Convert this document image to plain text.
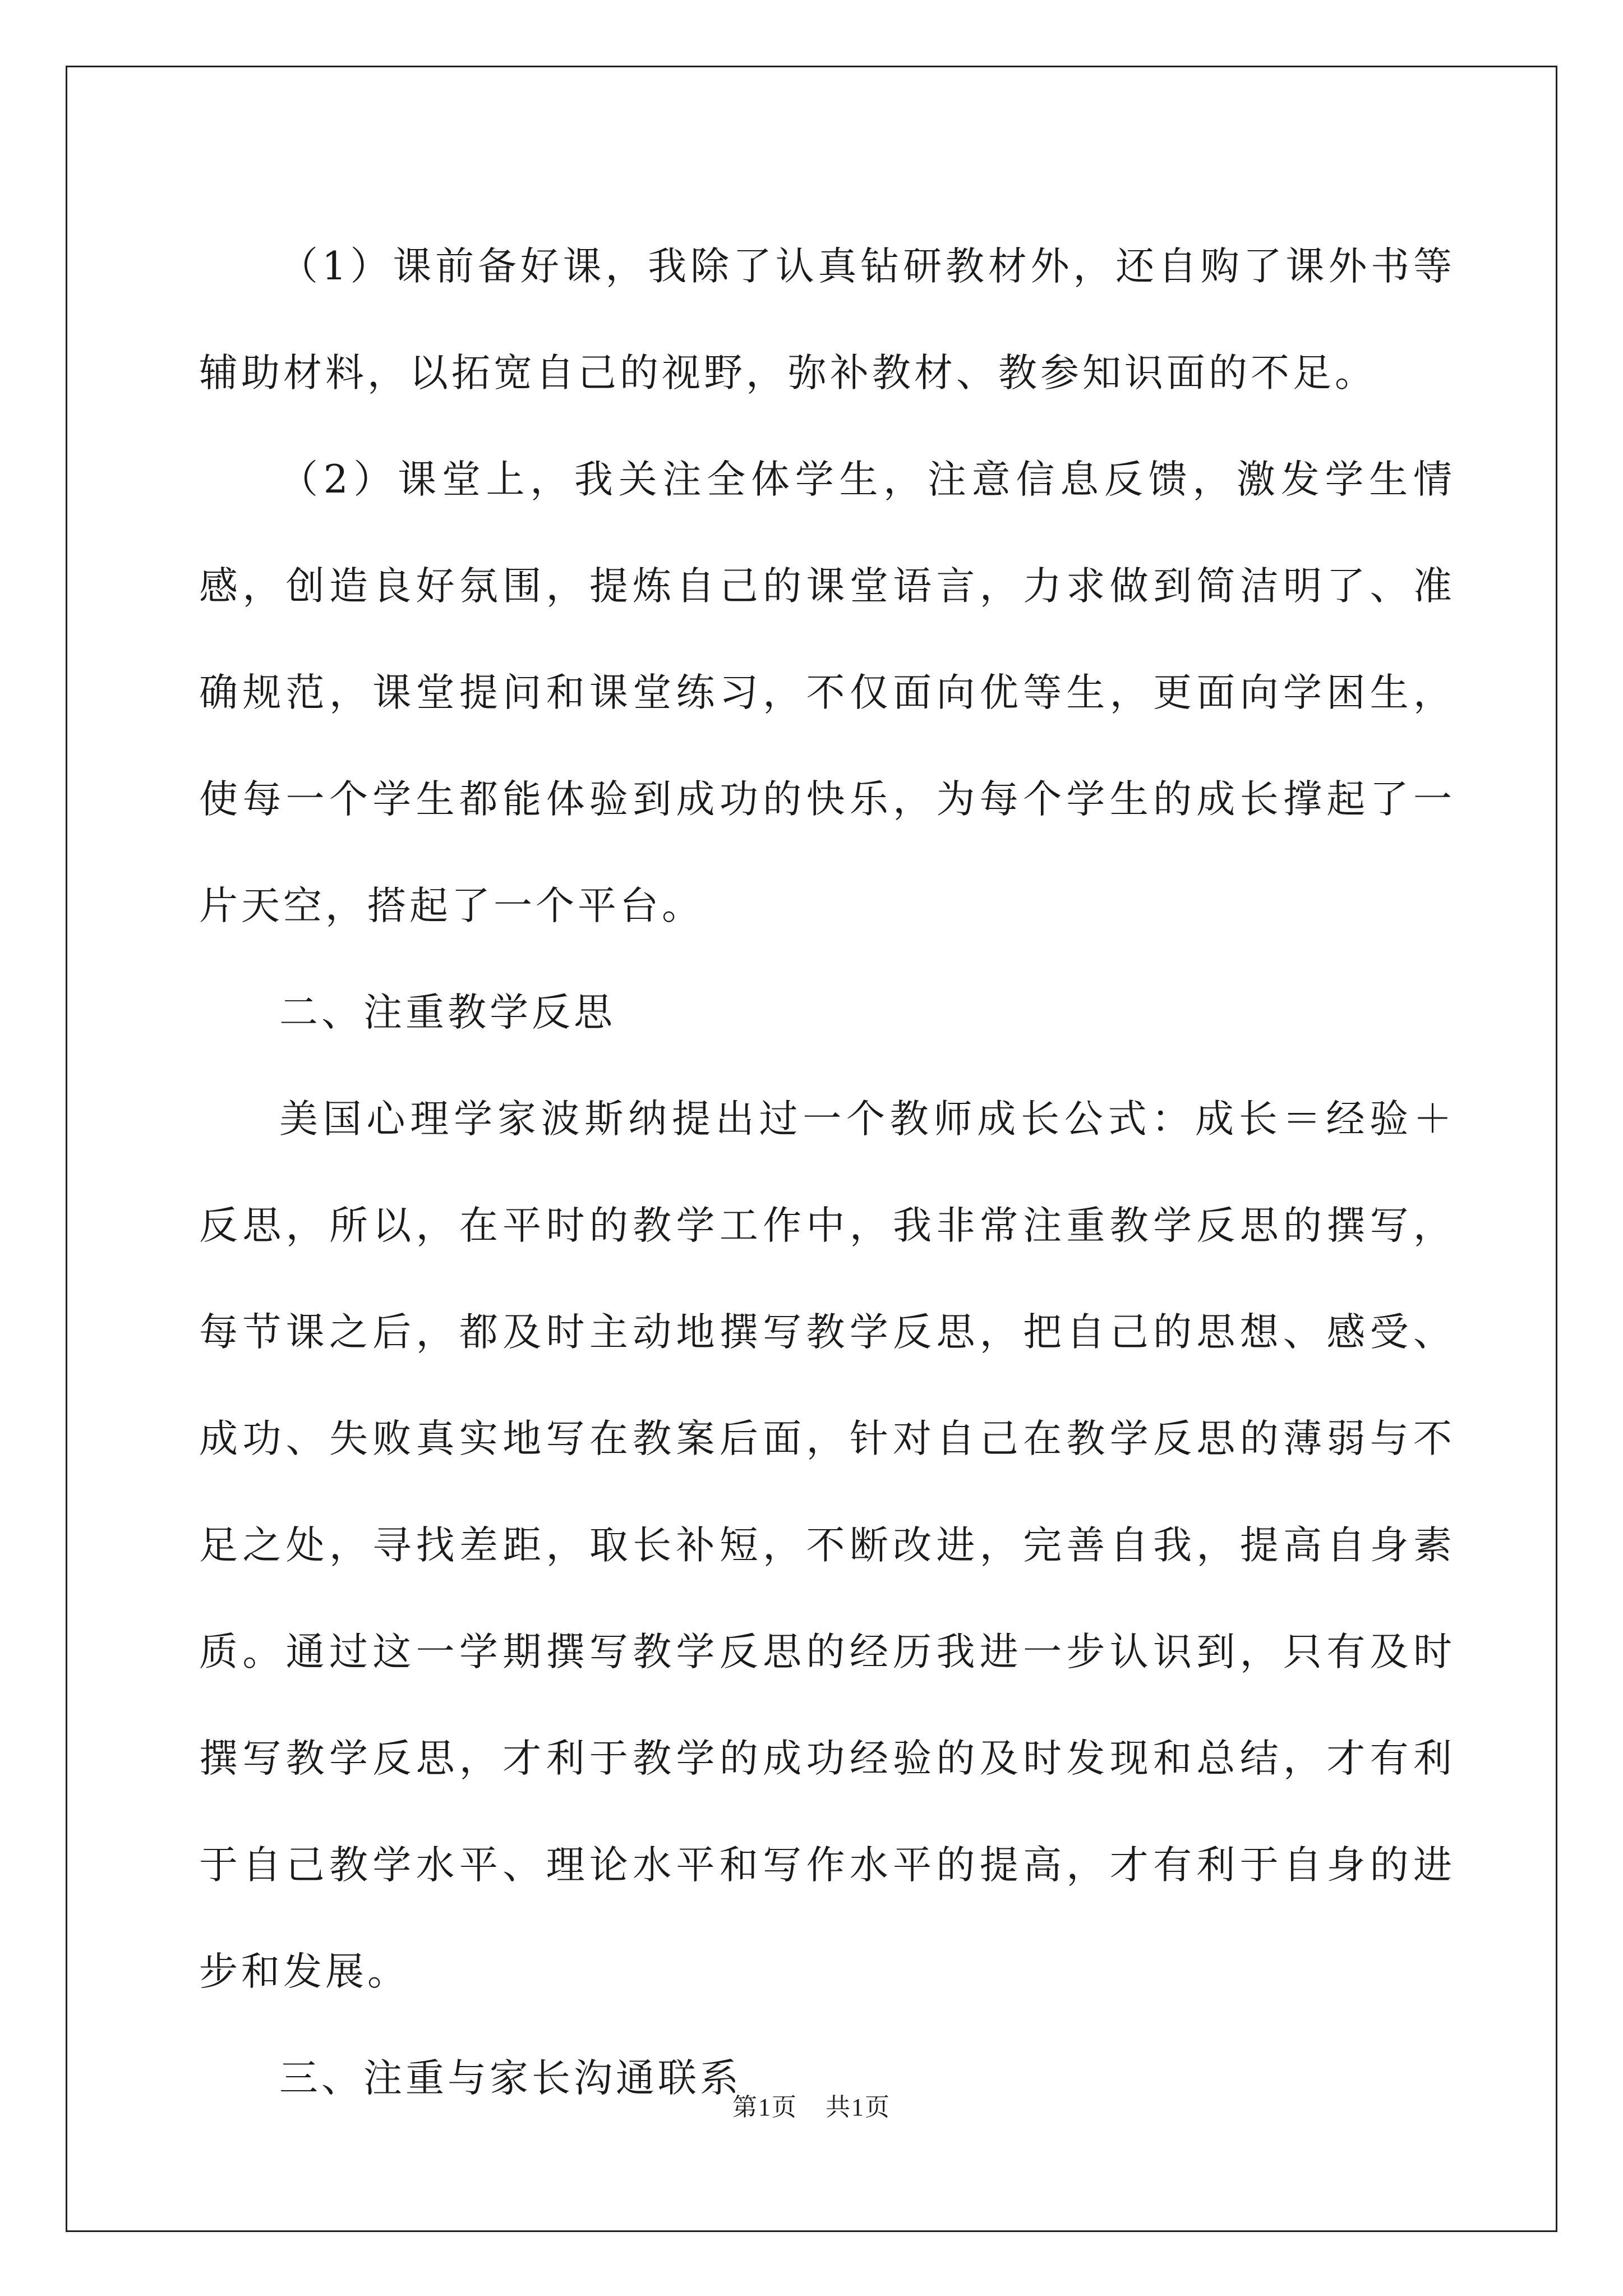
（1）课前备好课，我除了认真钻研教材外，还自购了课外书等辅助材料，以拓宽自己的视野，弥补教材、教参知识面的不足。

（2）课堂上，我关注全体学生，注意信息反馈，激发学生情感，创造良好氛围，提炼自己的课堂语言，力求做到简洁明了、准确规范，课堂提问和课堂练习，不仅面向优等生，更面向学困生，使每一个学生都能体验到成功的快乐，为每个学生的成长撑起了一片天空，搭起了一个平台。

二、注重教学反思

美国心理学家波斯纳提出过一个教师成长公式：成长＝经验＋反思，所以，在平时的教学工作中，我非常注重教学反思的撰写，每节课之后，都及时主动地撰写教学反思，把自己的思想、感受、成功、失败真实地写在教案后面，针对自己在教学反思的薄弱与不足之处，寻找差距，取长补短，不断改进，完善自我，提高自身素质。通过这一学期撰写教学反思的经历我进一步认识到，只有及时撰写教学反思，才利于教学的成功经验的及时发现和总结，才有利于自己教学水平、理论水平和写作水平的提高，才有利于自身的进步和发展。

三、注重与家长沟通联系

第1页 共1页
